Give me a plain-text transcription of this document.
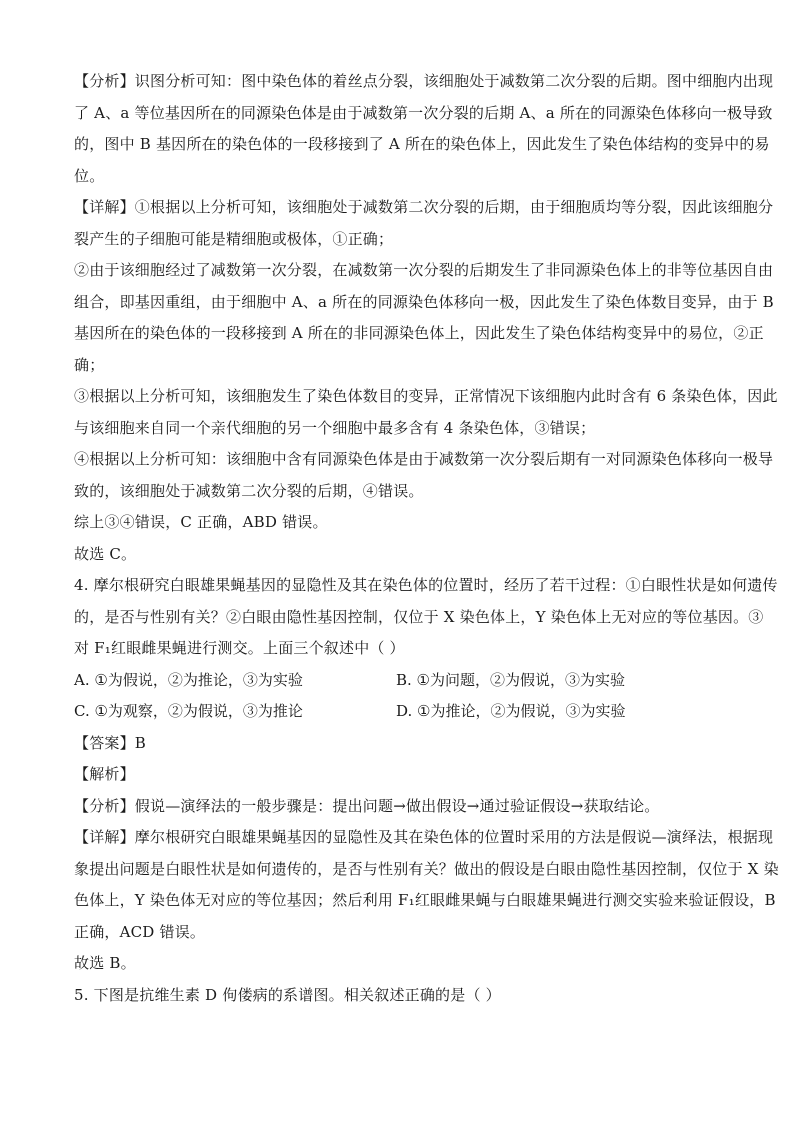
【分析】识图分析可知：图中染色体的着丝点分裂，该细胞处于减数第二次分裂的后期。图中细胞内出现
了 A、a 等位基因所在的同源染色体是由于减数第一次分裂的后期 A、a 所在的同源染色体移向一极导致
的，图中 B 基因所在的染色体的一段移接到了 A 所在的染色体上，因此发生了染色体结构的变异中的易
位。
【详解】①根据以上分析可知，该细胞处于减数第二次分裂的后期，由于细胞质均等分裂，因此该细胞分
裂产生的子细胞可能是精细胞或极体，①正确；
②由于该细胞经过了减数第一次分裂，在减数第一次分裂的后期发生了非同源染色体上的非等位基因自由
组合，即基因重组，由于细胞中 A、a 所在的同源染色体移向一极，因此发生了染色体数目变异，由于 B
基因所在的染色体的一段移接到 A 所在的非同源染色体上，因此发生了染色体结构变异中的易位，②正
确；
③根据以上分析可知，该细胞发生了染色体数目的变异，正常情况下该细胞内此时含有 6 条染色体，因此
与该细胞来自同一个亲代细胞的另一个细胞中最多含有 4 条染色体，③错误；
④根据以上分析可知：该细胞中含有同源染色体是由于减数第一次分裂后期有一对同源染色体移向一极导
致的，该细胞处于减数第二次分裂的后期，④错误。
综上③④错误，C 正确，ABD 错误。
故选 C。
4. 摩尔根研究白眼雄果蝇基因的显隐性及其在染色体的位置时，经历了若干过程：①白眼性状是如何遗传
的，是否与性别有关？②白眼由隐性基因控制，仅位于 X 染色体上，Y 染色体上无对应的等位基因。③
对 F₁红眼雌果蝇进行测交。上面三个叙述中（ ）
A. ①为假说，②为推论，③为实验	B. ①为问题，②为假说，③为实验
C. ①为观察，②为假说，③为推论	D. ①为推论，②为假说，③为实验
【答案】B
【解析】
【分析】假说—演绎法的一般步骤是：提出问题→做出假设→通过验证假设→获取结论。
【详解】摩尔根研究白眼雄果蝇基因的显隐性及其在染色体的位置时采用的方法是假说—演绎法，根据现
象提出问题是白眼性状是如何遗传的，是否与性别有关？做出的假设是白眼由隐性基因控制，仅位于 X 染
色体上，Y 染色体无对应的等位基因；然后利用 F₁红眼雌果蝇与白眼雄果蝇进行测交实验来验证假设，B
正确，ACD 错误。
故选 B。
5. 下图是抗维生素 D 佝偻病的系谱图。相关叙述正确的是（ ）
